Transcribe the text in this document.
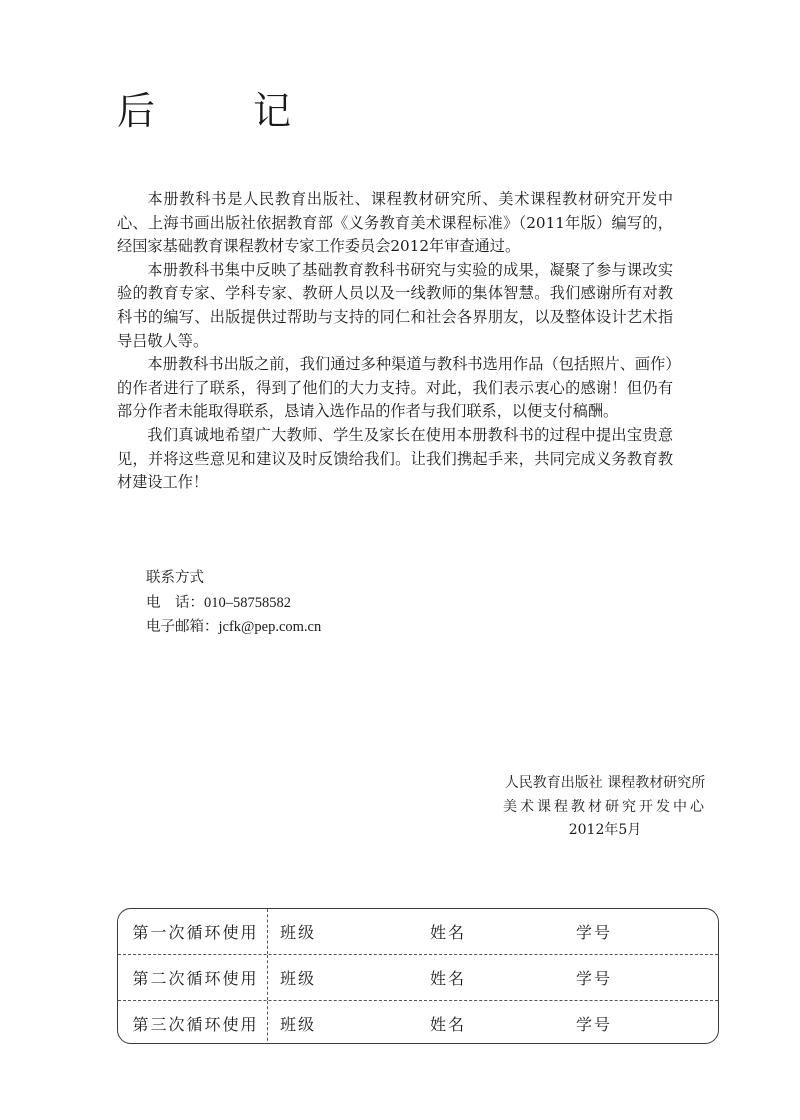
后　记

本册教科书是人民教育出版社、课程教材研究所、美术课程教材研究开发中心、上海书画出版社依据教育部《义务教育美术课程标准》（2011年版）编写的，经国家基础教育课程教材专家工作委员会2012年审查通过。

本册教科书集中反映了基础教育教科书研究与实验的成果，凝聚了参与课改实验的教育专家、学科专家、教研人员以及一线教师的集体智慧。我们感谢所有对教科书的编写、出版提供过帮助与支持的同仁和社会各界朋友，以及整体设计艺术指导吕敬人等。

本册教科书出版之前，我们通过多种渠道与教科书选用作品（包括照片、画作）的作者进行了联系，得到了他们的大力支持。对此，我们表示衷心的感谢！但仍有部分作者未能取得联系，恳请入选作品的作者与我们联系，以便支付稿酬。

我们真诚地希望广大教师、学生及家长在使用本册教科书的过程中提出宝贵意见，并将这些意见和建议及时反馈给我们。让我们携起手来，共同完成义务教育教材建设工作！

联系方式
电　话：010–58758582
电子邮箱：jcfk@pep.com.cn
人民教育出版社 课程教材研究所
美术课程教材研究开发中心
2012年5月
第一次循环使用	班级	姓名	学号
第二次循环使用	班级	姓名	学号
第三次循环使用	班级	姓名	学号
